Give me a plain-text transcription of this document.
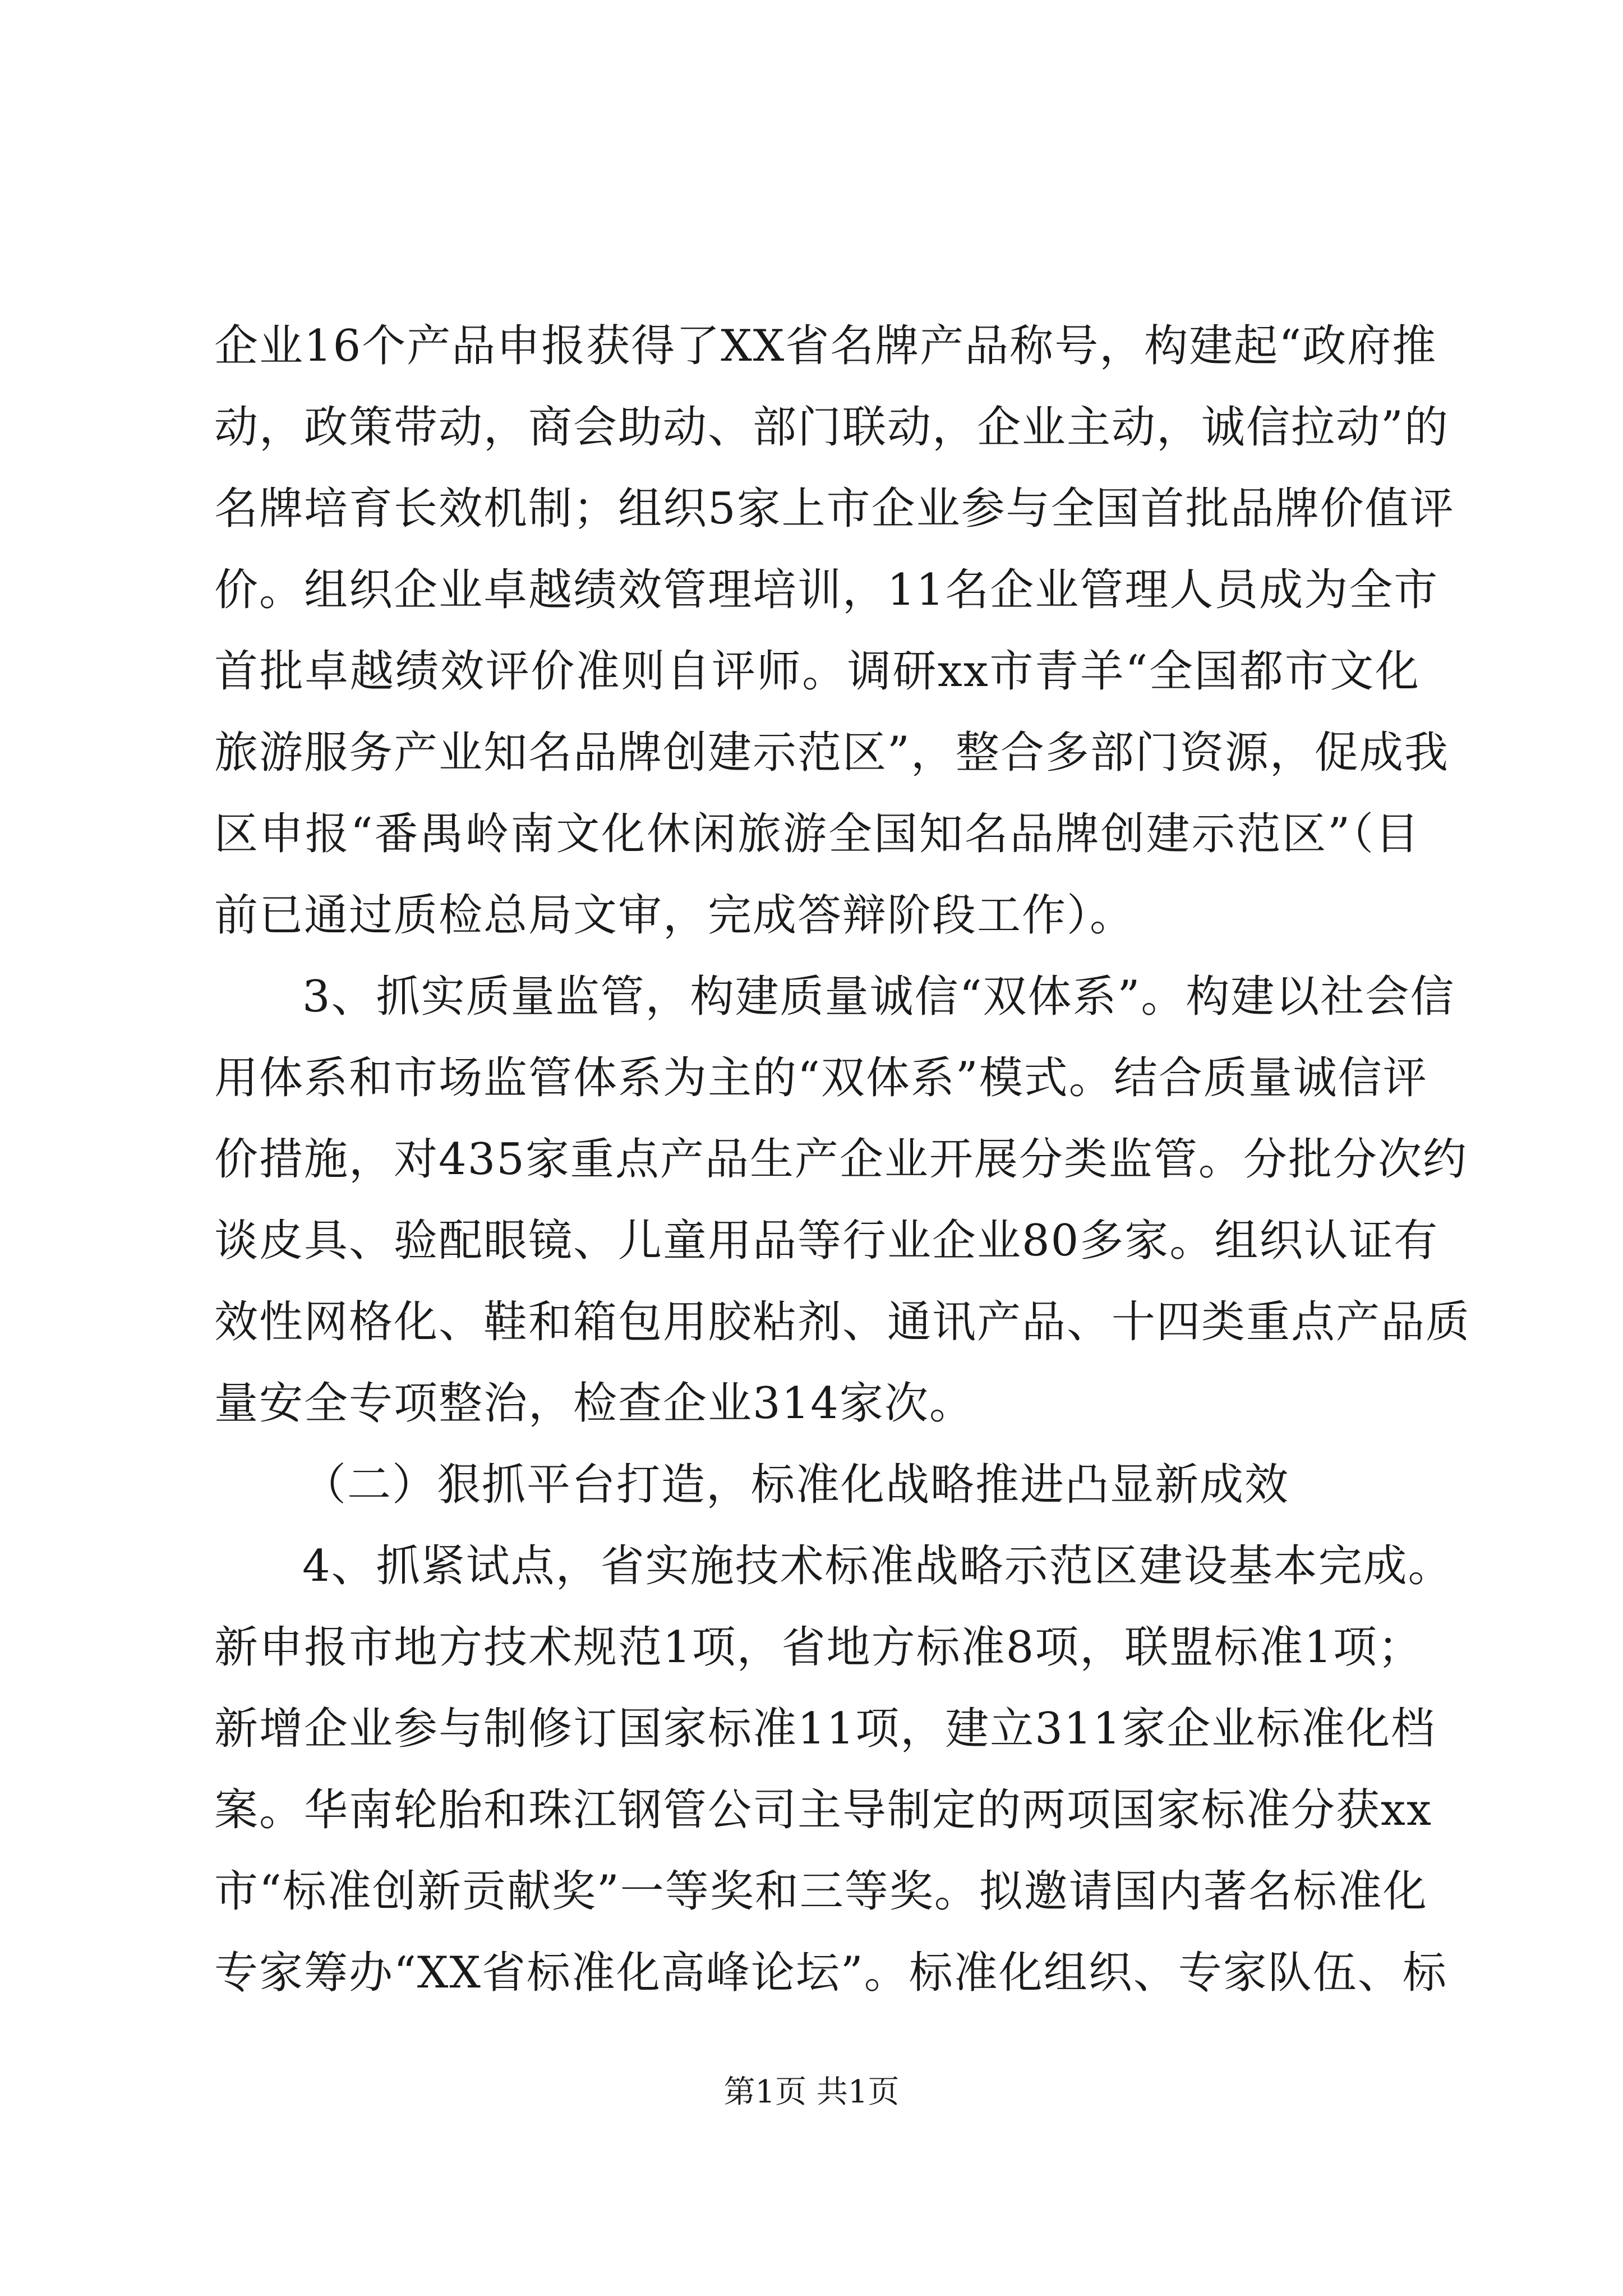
企业16个产品申报获得了XX省名牌产品称号，构建起“政府推
动，政策带动，商会助动、部门联动，企业主动，诚信拉动”的
名牌培育长效机制；组织5家上市企业参与全国首批品牌价值评
价。组织企业卓越绩效管理培训，11名企业管理人员成为全市
首批卓越绩效评价准则自评师。调研xx市青羊“全国都市文化
旅游服务产业知名品牌创建示范区”，整合多部门资源，促成我
区申报“番禺岭南文化休闲旅游全国知名品牌创建示范区”（目
前已通过质检总局文审，完成答辩阶段工作）。
3、抓实质量监管，构建质量诚信“双体系”。构建以社会信
用体系和市场监管体系为主的“双体系”模式。结合质量诚信评
价措施，对435家重点产品生产企业开展分类监管。分批分次约
谈皮具、验配眼镜、儿童用品等行业企业80多家。组织认证有
效性网格化、鞋和箱包用胶粘剂、通讯产品、十四类重点产品质
量安全专项整治，检查企业314家次。
（二）狠抓平台打造，标准化战略推进凸显新成效
4、抓紧试点，省实施技术标准战略示范区建设基本完成。
新申报市地方技术规范1项，省地方标准8项，联盟标准1项；
新增企业参与制修订国家标准11项，建立311家企业标准化档
案。华南轮胎和珠江钢管公司主导制定的两项国家标准分获xx
市“标准创新贡献奖”一等奖和三等奖。拟邀请国内著名标准化
专家筹办“XX省标准化高峰论坛”。标准化组织、专家队伍、标
第1页 共1页
